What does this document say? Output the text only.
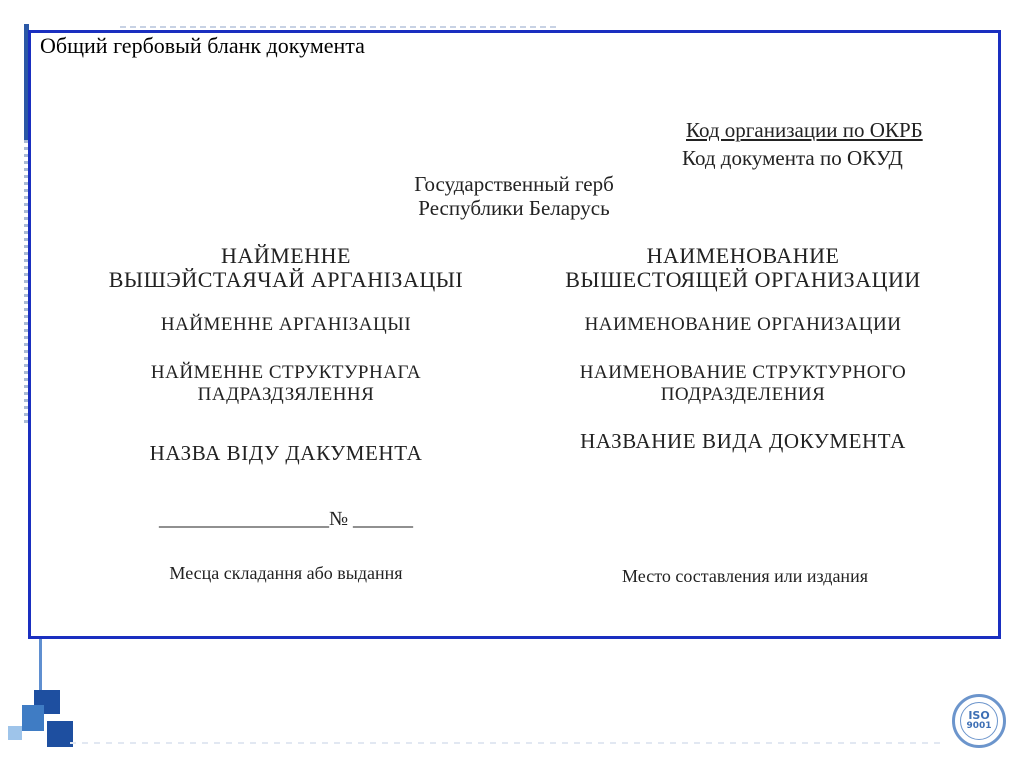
ISO
9001
Общий гербовый бланк документа
Код организации по ОКРБ
Код документа по ОКУД
Государственный герб
Республики Беларусь
НАЙМЕННЕ
ВЫШЭЙСТАЯЧАЙ АРГАНІЗАЦЫІ
НАЙМЕННЕ АРГАНІЗАЦЫІ
НАЙМЕННЕ СТРУКТУРНАГА
ПАДРАЗДЗЯЛЕННЯ
НАЗВА ВІДУ ДАКУМЕНТА
_________________№ ______
Месца складання або выдання
НАИМЕНОВАНИЕ
ВЫШЕСТОЯЩЕЙ ОРГАНИЗАЦИИ
НАИМЕНОВАНИЕ ОРГАНИЗАЦИИ
НАИМЕНОВАНИЕ СТРУКТУРНОГО
ПОДРАЗДЕЛЕНИЯ
НАЗВАНИЕ ВИДА ДОКУМЕНТА
Место составления или издания
